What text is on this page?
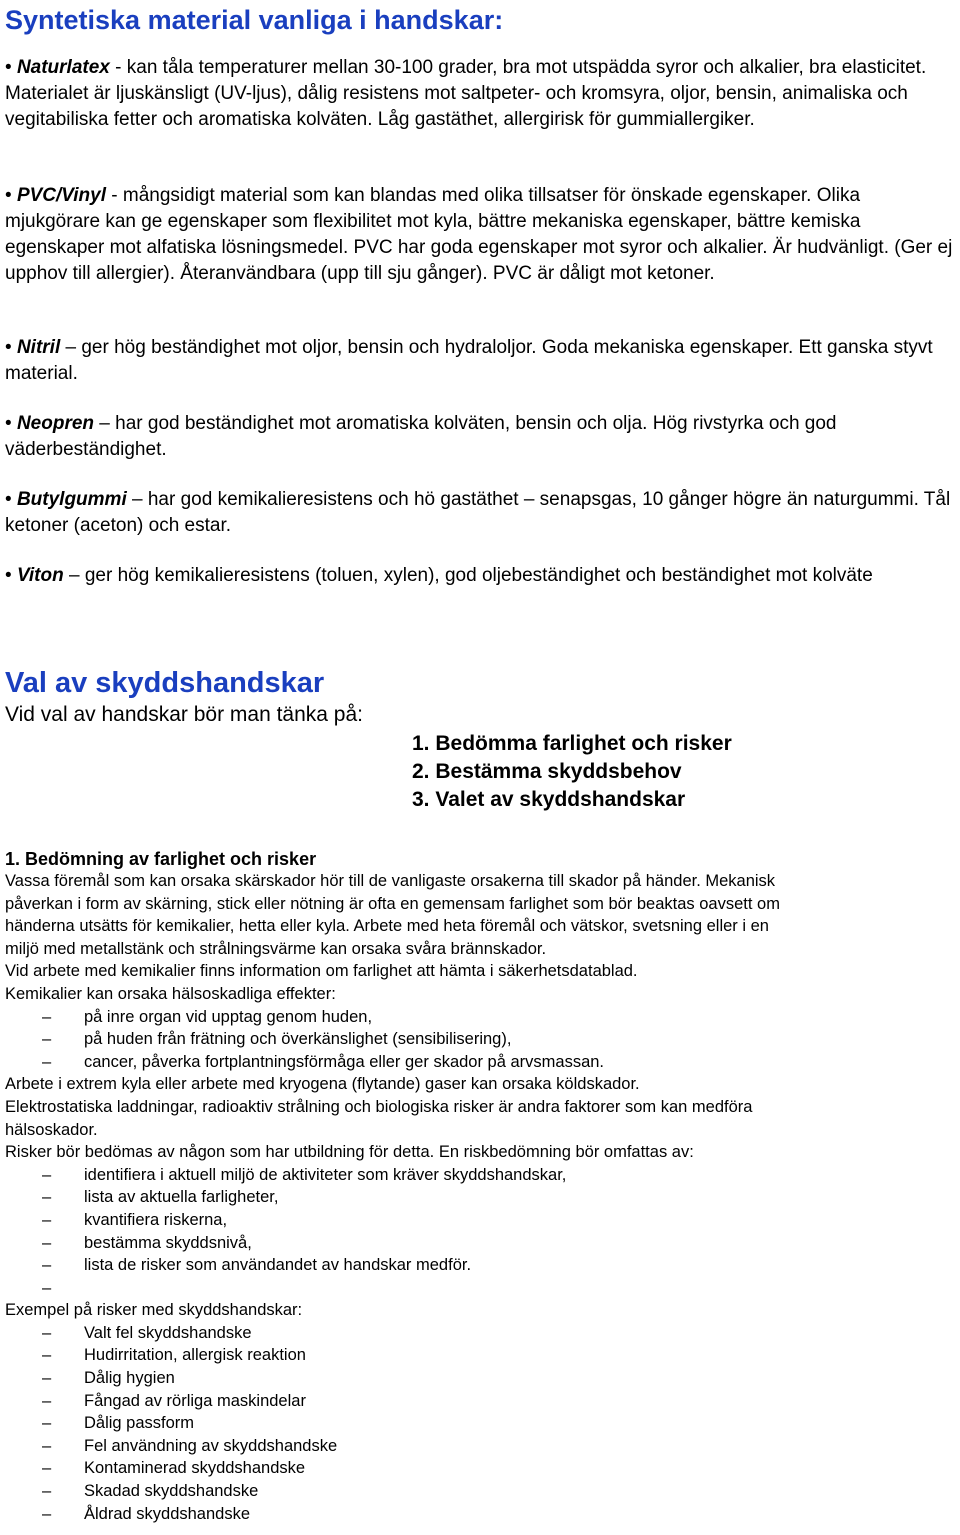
Syntetiska material vanliga i handskar:

• Naturlatex - kan tåla temperaturer mellan 30-100 grader, bra mot utspädda syror och alkalier, bra elasticitet. Materialet är ljuskänsligt (UV-ljus), dålig resistens mot saltpeter- och kromsyra, oljor, bensin, animaliska och vegitabiliska fetter och aromatiska kolväten. Låg gastäthet, allergirisk för gummiallergiker.

• PVC/Vinyl - mångsidigt material som kan blandas med olika tillsatser för önskade egenskaper. Olika mjukgörare kan ge egenskaper som flexibilitet mot kyla, bättre mekaniska egenskaper, bättre kemiska egenskaper mot alfatiska lösningsmedel. PVC har goda egenskaper mot syror och alkalier. Är hudvänligt. (Ger ej upphov till allergier). Återanvändbara (upp till sju gånger). PVC är dåligt mot ketoner.

• Nitril – ger hög beständighet mot oljor, bensin och hydraloljor. Goda mekaniska egenskaper. Ett ganska styvt material.

• Neopren – har god beständighet mot aromatiska kolväten, bensin och olja. Hög rivstyrka och god väderbeständighet.

• Butylgummi – har god kemikalieresistens och hö gastäthet – senapsgas, 10 gånger högre än naturgummi. Tål ketoner (aceton) och estar.

• Viton – ger hög kemikalieresistens (toluen, xylen), god oljebeständighet och beständighet mot kolväte

Val av skyddshandskar
Vid val av handskar bör man tänka på:
1. Bedömma farlighet och risker
2. Bestämma skyddsbehov
3. Valet av skyddshandskar
1. Bedömning av farlighet och risker
Vassa föremål som kan orsaka skärskador hör till de vanligaste orsakerna till skador på händer. Mekanisk
påverkan i form av skärning, stick eller nötning är ofta en gemensam farlighet som bör beaktas oavsett om
händerna utsätts för kemikalier, hetta eller kyla. Arbete med heta föremål och vätskor, svetsning eller i en
miljö med metallstänk och strålningsvärme kan orsaka svåra brännskador.
Vid arbete med kemikalier finns information om farlighet att hämta i säkerhetsdatablad.
Kemikalier kan orsaka hälsoskadliga effekter:
–	på inre organ vid upptag genom huden,
–	på huden från frätning och överkänslighet (sensibilisering),
–	cancer, påverka fortplantningsförmåga eller ger skador på arvsmassan.
Arbete i extrem kyla eller arbete med kryogena (flytande) gaser kan orsaka köldskador.
Elektrostatiska laddningar, radioaktiv strålning och biologiska risker är andra faktorer som kan medföra
hälsoskador.
Risker bör bedömas av någon som har utbildning för detta. En riskbedömning bör omfattas av:
–	identifiera i aktuell miljö de aktiviteter som kräver skyddshandskar,
–	lista av aktuella farligheter,
–	kvantifiera riskerna,
–	bestämma skyddsnivå,
–	lista de risker som användandet av handskar medför.
–
Exempel på risker med skyddshandskar:
–	Valt fel skyddshandske
–	Hudirritation, allergisk reaktion
–	Dålig hygien
–	Fångad av rörliga maskindelar
–	Dålig passform
–	Fel användning av skyddshandske
–	Kontaminerad skyddshandske
–	Skadad skyddshandske
–	Åldrad skyddshandske
